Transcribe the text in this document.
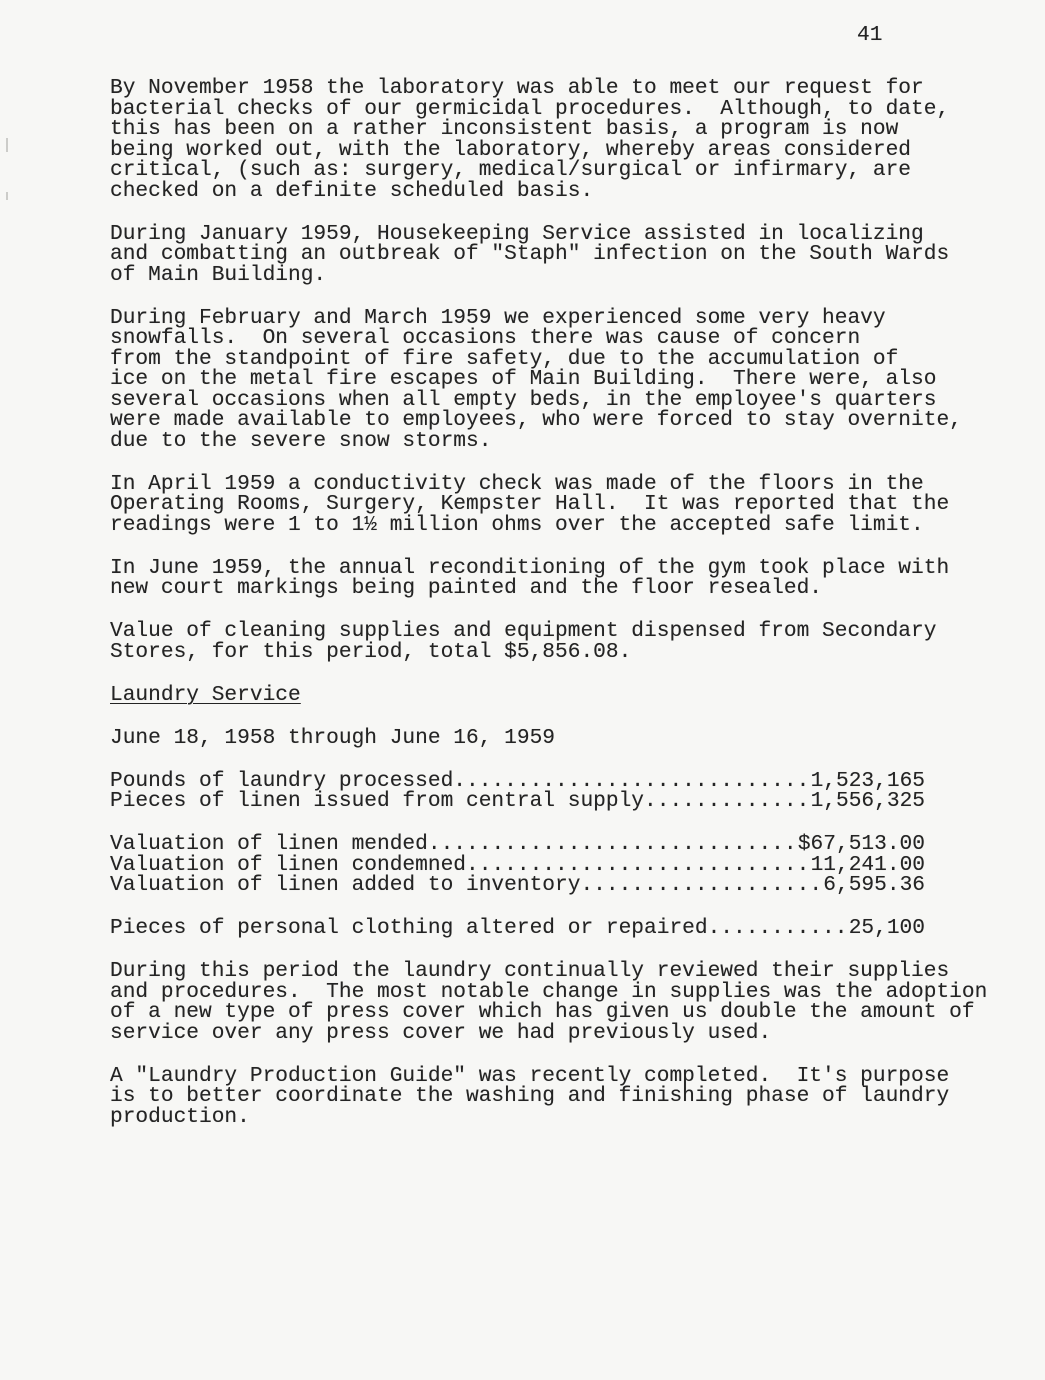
41

By November 1958 the laboratory was able to meet our request for
bacterial checks of our germicidal procedures.  Although, to date,
this has been on a rather inconsistent basis, a program is now
being worked out, with the laboratory, whereby areas considered
critical, (such as: surgery, medical/surgical or infirmary, are
checked on a definite scheduled basis.

During January 1959, Housekeeping Service assisted in localizing
and combatting an outbreak of "Staph" infection on the South Wards
of Main Building.

During February and March 1959 we experienced some very heavy
snowfalls.  On several occasions there was cause of concern
from the standpoint of fire safety, due to the accumulation of
ice on the metal fire escapes of Main Building.  There were, also
several occasions when all empty beds, in the employee's quarters
were made available to employees, who were forced to stay overnite,
due to the severe snow storms.

In April 1959 a conductivity check was made of the floors in the
Operating Rooms, Surgery, Kempster Hall.  It was reported that the
readings were 1 to 1½ million ohms over the accepted safe limit.

In June 1959, the annual reconditioning of the gym took place with
new court markings being painted and the floor resealed.

Value of cleaning supplies and equipment dispensed from Secondary
Stores, for this period, total $5,856.08.

Laundry Service

June 18, 1958 through June 16, 1959

Pounds of laundry processed .....	1,523,165
Pieces of linen issued from central supply .....	1,556,325
Valuation of linen mended .....	$67,513.00
Valuation of linen condemned .....	11,241.00
Valuation of linen added to inventory .....	6,595.36
Pieces of personal clothing altered or repaired .....	25,100

During this period the laundry continually reviewed their supplies
and procedures.  The most notable change in supplies was the adoption
of a new type of press cover which has given us double the amount of
service over any press cover we had previously used.

A "Laundry Production Guide" was recently completed.  It's purpose
is to better coordinate the washing and finishing phase of laundry
production.
